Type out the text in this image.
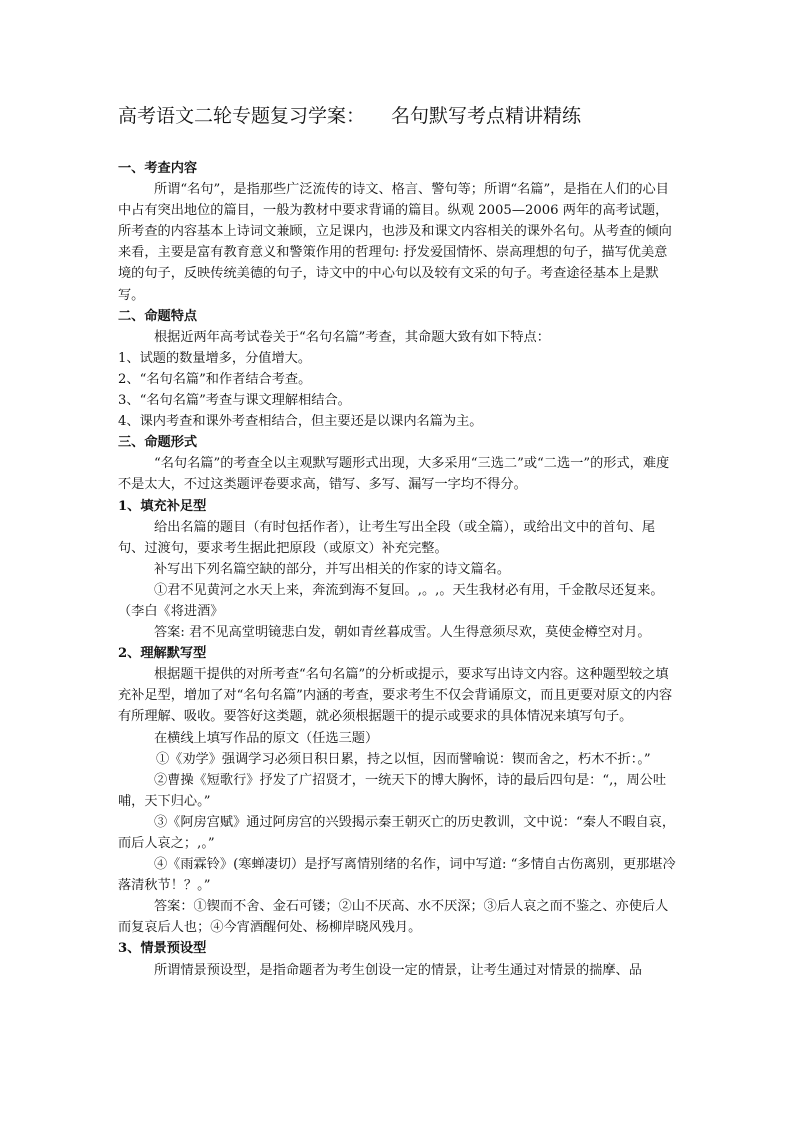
高考语文二轮专题复习学案： 名句默写考点精讲精练

一、考查内容

所谓“名句”，是指那些广泛流传的诗文、格言、警句等；所谓“名篇”，是指在人们的心目中占有突出地位的篇目，一般为教材中要求背诵的篇目。纵观 2005—2006 两年的高考试题，所考查的内容基本上诗词文兼顾，立足课内，也涉及和课文内容相关的课外名句。从考查的倾向来看，主要是富有教育意义和警策作用的哲理句: 抒发爱国情怀、崇高理想的句子，描写优美意境的句子，反映传统美德的句子，诗文中的中心句以及较有文采的句子。考查途径基本上是默写。

二、命题特点

根据近两年高考试卷关于“名句名篇”考查，其命题大致有如下特点：

1、试题的数量增多，分值增大。

2、“名句名篇”和作者结合考查。

3、“名句名篇”考查与课文理解相结合。

4、课内考查和课外考查相结合，但主要还是以课内名篇为主。

三、命题形式

“名句名篇”的考查全以主观默写题形式出现，大多采用“三选二”或“二选一”的形式，难度不是太大，不过这类题评卷要求高，错写、多写、漏写一字均不得分。

1、填充补足型

给出名篇的题目（有时包括作者），让考生写出全段（或全篇），或给出文中的首句、尾句、过渡句，要求考生据此把原段（或原文）补充完整。

补写出下列名篇空缺的部分，并写出相关的作家的诗文篇名。

①君不见黄河之水天上来，奔流到海不复回。,。,。天生我材必有用，千金散尽还复来。（李白《将进酒》

答案: 君不见高堂明镜悲白发，朝如青丝暮成雪。人生得意须尽欢，莫使金樽空对月。

2、理解默写型

根据题干提供的对所考查“名句名篇”的分析或提示，要求写出诗文内容。这种题型较之填充补足型，增加了对“名句名篇”内涵的考查，要求考生不仅会背诵原文，而且更要对原文的内容有所理解、吸收。要答好这类题，就必须根据题干的提示或要求的具体情况来填写句子。

在横线上填写作品的原文（任选三题）

①《劝学》强调学习必须日积日累，持之以恒，因而譬喻说：锲而舍之，朽木不折：。”

②曹操《短歌行》抒发了广招贤才，一统天下的博大胸怀，诗的最后四句是：“,，周公吐哺，天下归心。”

③《阿房宫赋》通过阿房宫的兴毁揭示秦王朝灭亡的历史教训，文中说：“秦人不暇自哀，而后人哀之；,。”

④《雨霖铃》(寒蝉凄切）是抒写离情别绪的名作，词中写道: “多情自古伤离别，更那堪冷落清秋节！？。”

答案：①锲而不舍、金石可镂；②山不厌高、水不厌深；③后人哀之而不鉴之、亦使后人而复哀后人也；④今宵酒醒何处、杨柳岸晓风残月。

3、情景预设型

所谓情景预设型，是指命题者为考生创设一定的情景，让考生通过对情景的揣摩、品
